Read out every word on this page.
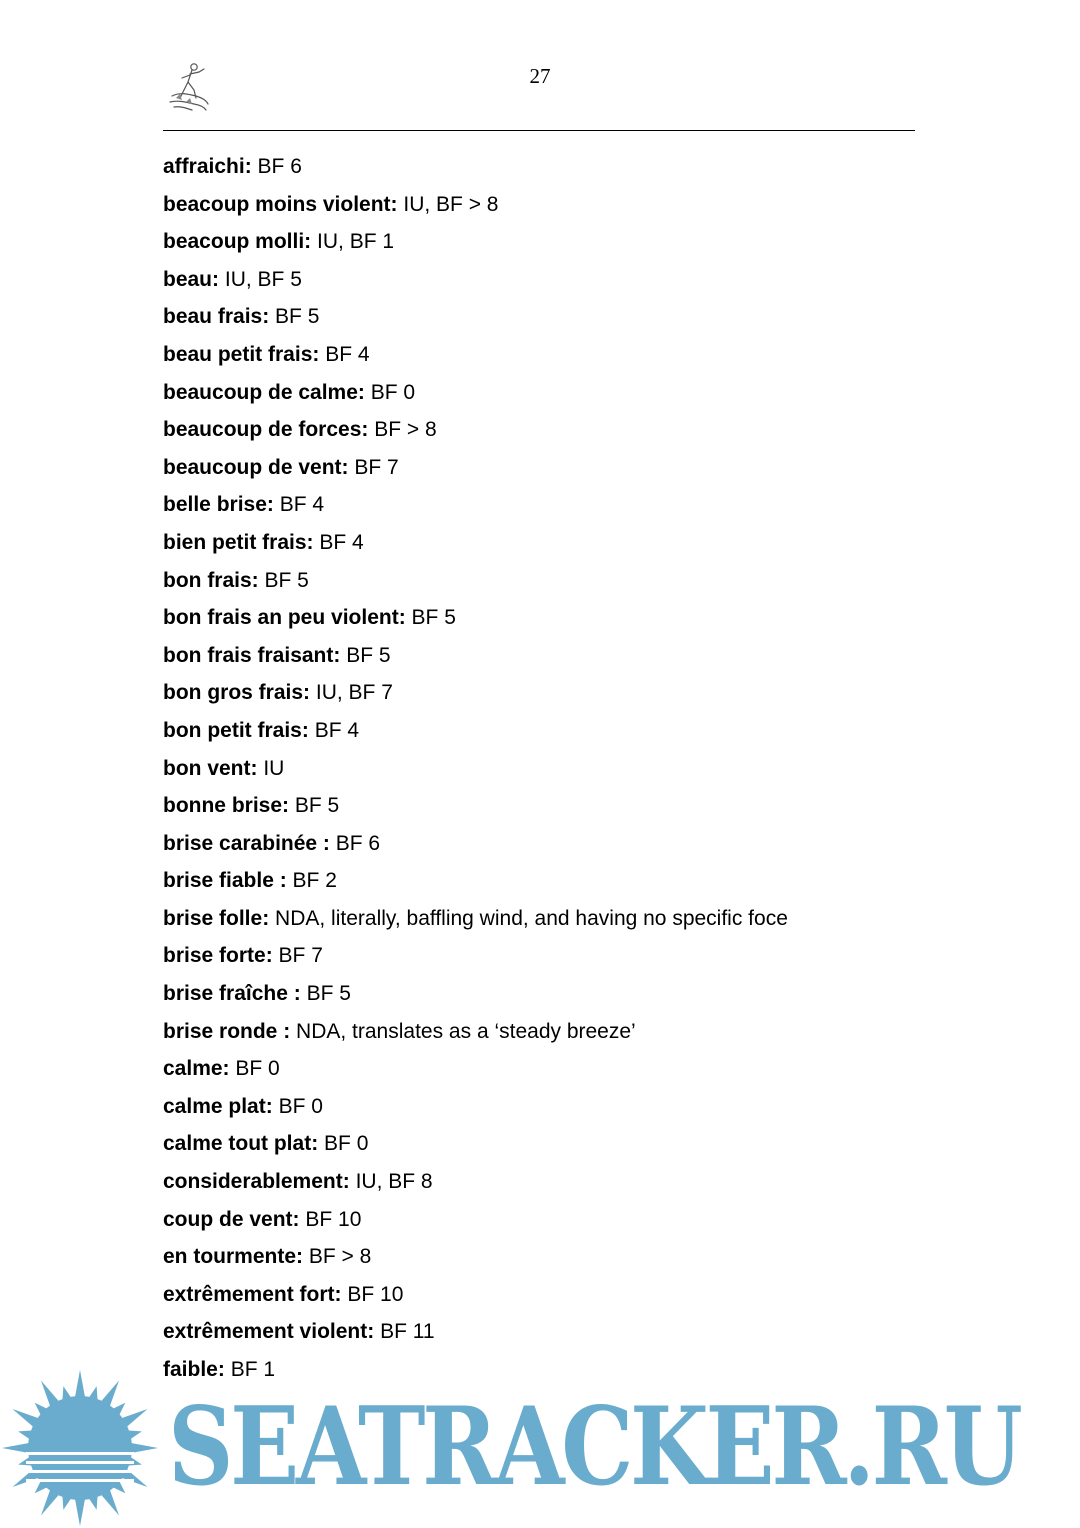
27
affraichi: BF 6
beacoup moins violent: IU, BF > 8
beacoup molli: IU, BF 1
beau: IU, BF 5
beau frais: BF 5
beau petit frais: BF 4
beaucoup de calme: BF 0
beaucoup de forces: BF > 8
beaucoup de vent: BF 7
belle brise: BF 4
bien petit frais: BF 4
bon frais: BF 5
bon frais an peu violent: BF 5
bon frais fraisant: BF 5
bon gros frais: IU, BF 7
bon petit frais: BF 4
bon vent: IU
bonne brise: BF 5
brise carabinée : BF 6
brise fiable : BF 2
brise folle: NDA, literally, baffling wind, and having no specific foce
brise forte: BF 7
brise fraîche : BF 5
brise ronde : NDA, translates as a ‘steady breeze’
calme: BF 0
calme plat: BF 0
calme tout plat: BF 0
considerablement: IU, BF 8
coup de vent: BF 10
en tourmente: BF > 8
extrêmement fort: BF 10
extrêmement violent: BF 11
faible: BF 1
SEATRACKER.RU
